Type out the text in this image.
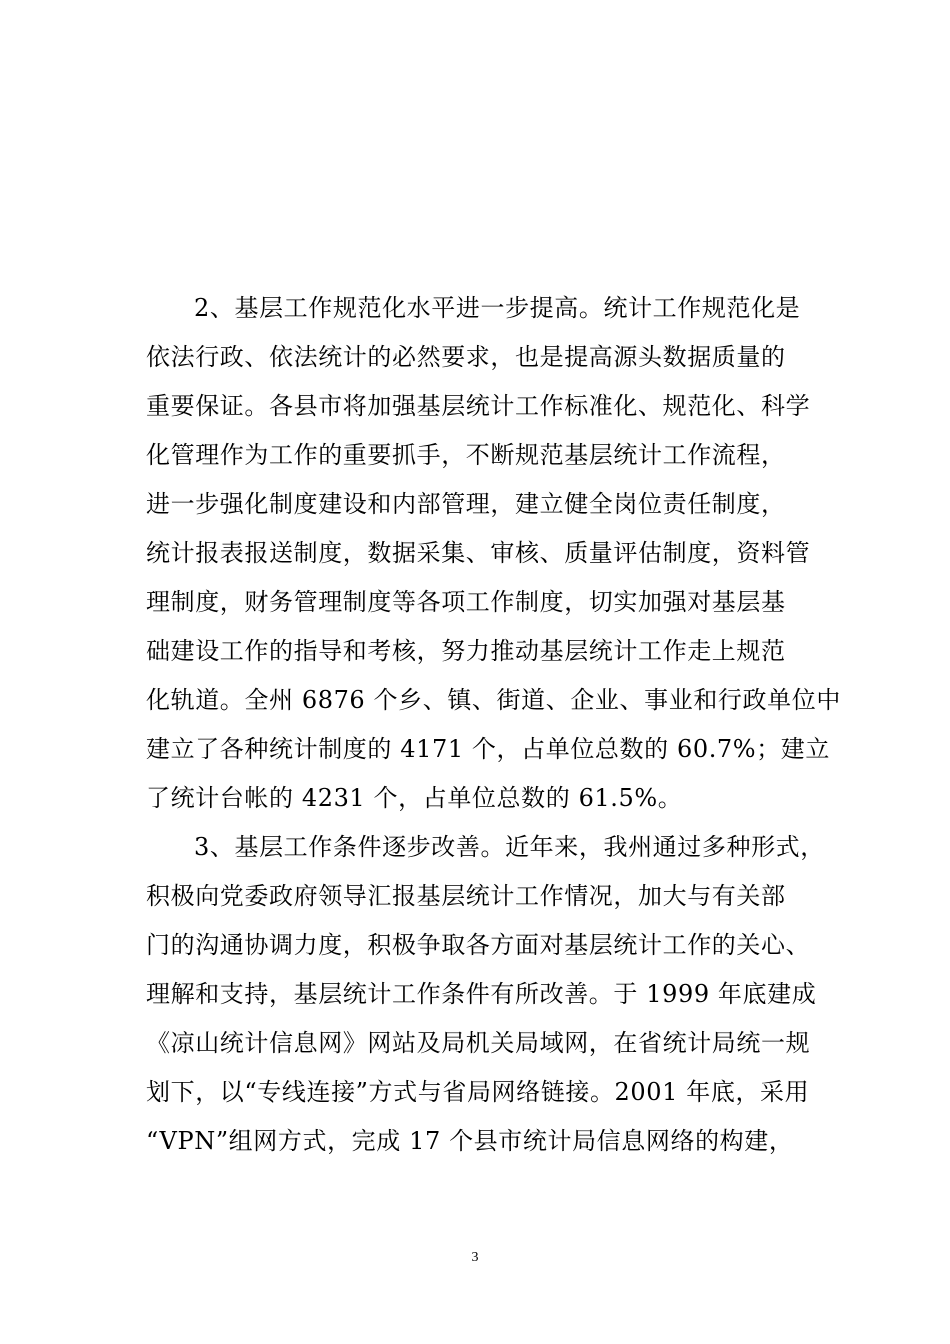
2、基层工作规范化水平进一步提高。统计工作规范化是
依法行政、依法统计的必然要求，也是提高源头数据质量的
重要保证。各县市将加强基层统计工作标准化、规范化、科学
化管理作为工作的重要抓手，不断规范基层统计工作流程，
进一步强化制度建设和内部管理，建立健全岗位责任制度，
统计报表报送制度，数据采集、审核、质量评估制度，资料管
理制度，财务管理制度等各项工作制度，切实加强对基层基
础建设工作的指导和考核，努力推动基层统计工作走上规范
化轨道。全州 6876 个乡、镇、街道、企业、事业和行政单位中
建立了各种统计制度的 4171 个，占单位总数的 60.7%；建立
了统计台帐的 4231 个，占单位总数的 61.5%。
3、基层工作条件逐步改善。近年来，我州通过多种形式，
积极向党委政府领导汇报基层统计工作情况，加大与有关部
门的沟通协调力度，积极争取各方面对基层统计工作的关心、
理解和支持，基层统计工作条件有所改善。于 1999 年底建成
《凉山统计信息网》网站及局机关局域网，在省统计局统一规
划下，以“专线连接”方式与省局网络链接。2001 年底，采用
“VPN”组网方式，完成 17 个县市统计局信息网络的构建，
3
